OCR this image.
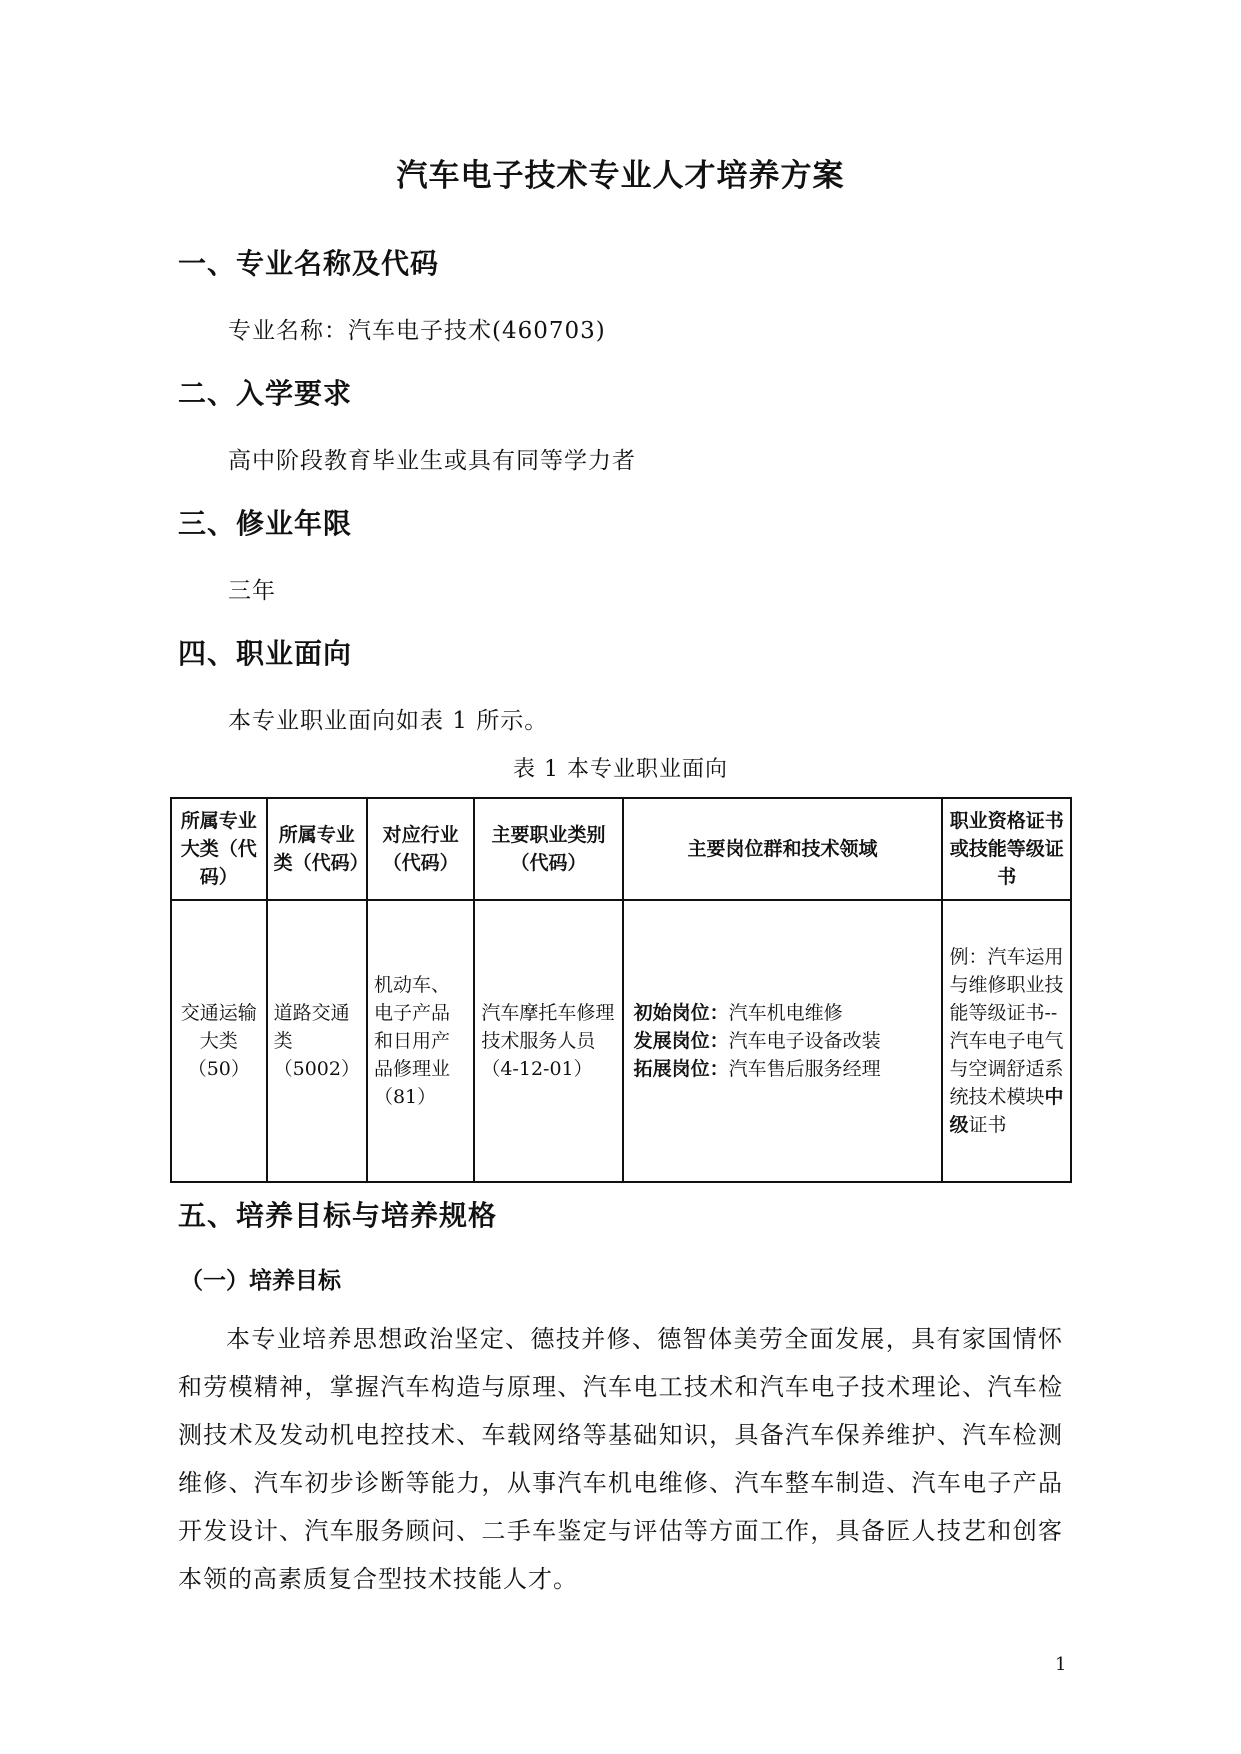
汽车电子技术专业人才培养方案
一、专业名称及代码
专业名称：汽车电子技术(460703)
二、入学要求
高中阶段教育毕业生或具有同等学力者
三、修业年限
三年
四、职业面向
本专业职业面向如表 1 所示。
表 1 本专业职业面向
所属专业大类（代码）	所属专业类（代码）	对应行业（代码）	主要职业类别（代码）	主要岗位群和技术领域	职业资格证书或技能等级证书
交通运输大类（50）	道路交通类（5002）	机动车、电子产品和日用产品修理业（81）	汽车摩托车修理技术服务人员（4-12-01）	初始岗位：汽车机电维修
发展岗位：汽车电子设备改装
拓展岗位：汽车售后服务经理	例：汽车运用与维修职业技能等级证书--汽车电子电气与空调舒适系统技术模块中级证书
五、培养目标与培养规格
（一）培养目标
本专业培养思想政治坚定、德技并修、德智体美劳全面发展，具有家国情怀和劳模精神，掌握汽车构造与原理、汽车电工技术和汽车电子技术理论、汽车检测技术及发动机电控技术、车载网络等基础知识，具备汽车保养维护、汽车检测维修、汽车初步诊断等能力，从事汽车机电维修、汽车整车制造、汽车电子产品开发设计、汽车服务顾问、二手车鉴定与评估等方面工作，具备匠人技艺和创客本领的高素质复合型技术技能人才。
1
